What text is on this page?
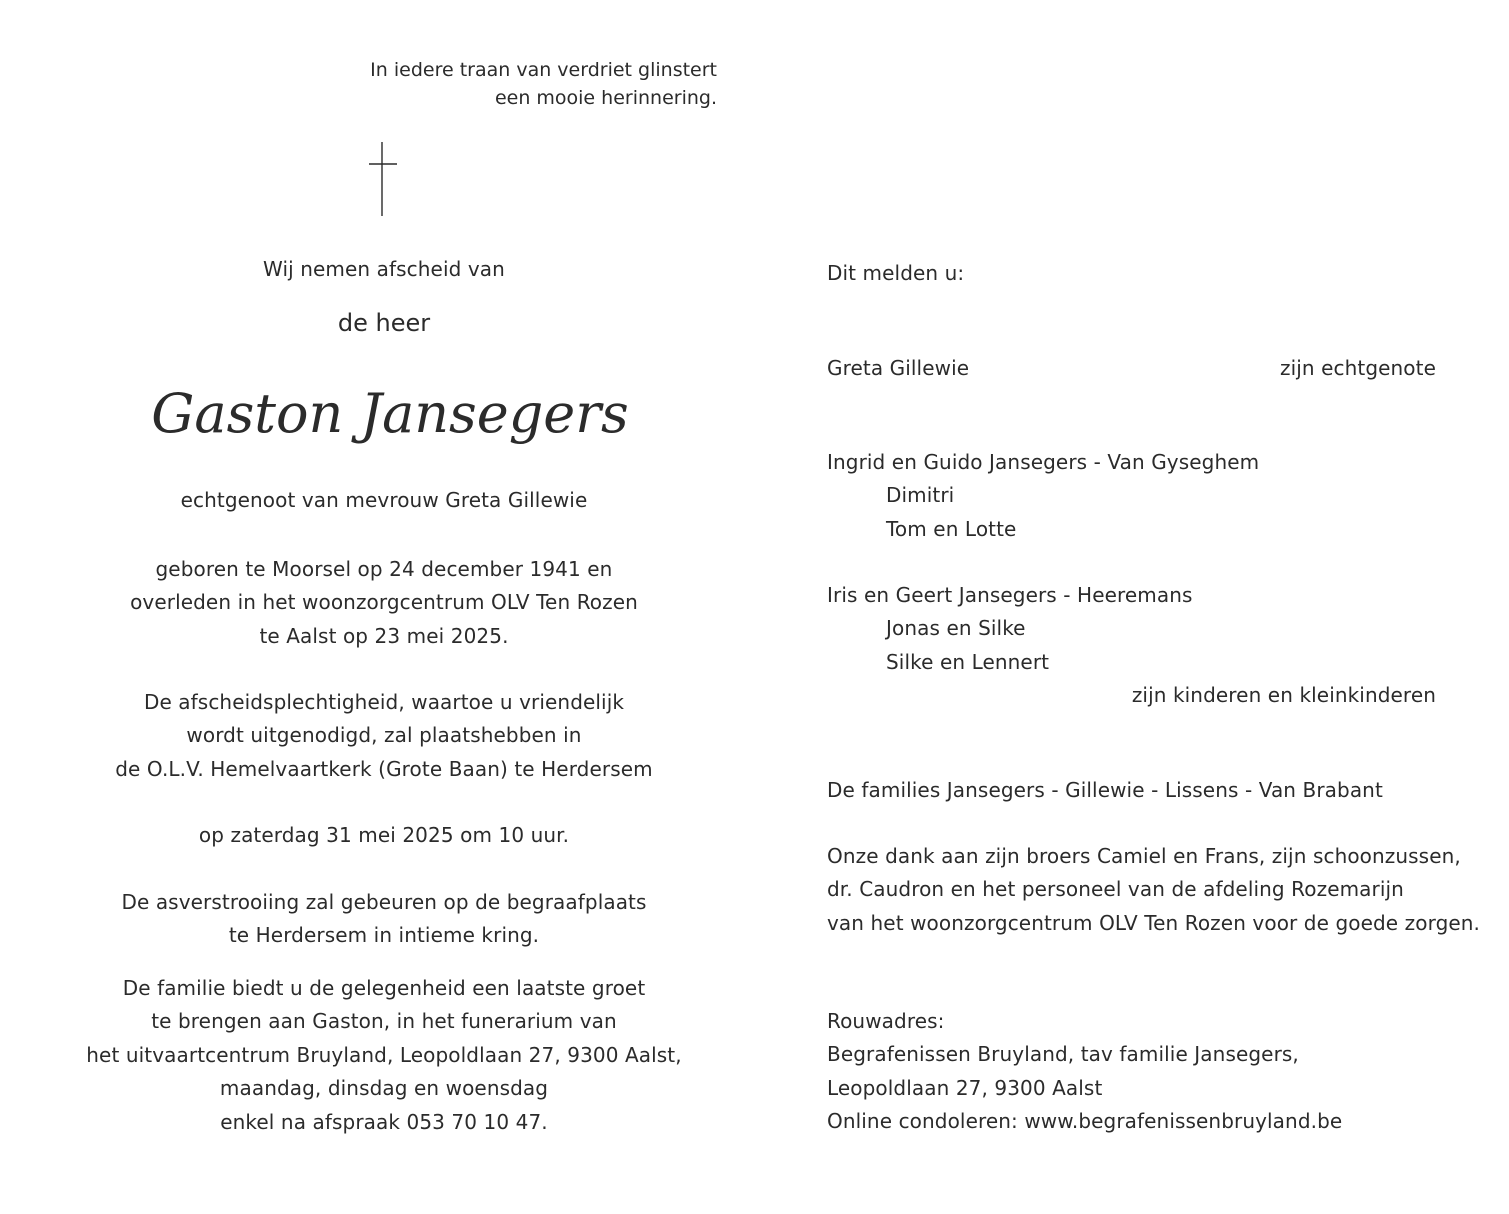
In iedere traan van verdriet glinstert
een mooie herinnering.
Wij nemen afscheid van
de heer
Gaston Jansegers
echtgenoot van mevrouw Greta Gillewie
geboren te Moorsel op 24 december 1941 en
overleden in het woonzorgcentrum OLV Ten Rozen
te Aalst op 23 mei 2025.
De afscheidsplechtigheid, waartoe u vriendelijk
wordt uitgenodigd, zal plaatshebben in
de O.L.V. Hemelvaartkerk (Grote Baan) te Herdersem
op zaterdag 31 mei 2025 om 10 uur.
De asverstrooiing zal gebeuren op de begraafplaats
te Herdersem in intieme kring.
De familie biedt u de gelegenheid een laatste groet
te brengen aan Gaston, in het funerarium van
het uitvaartcentrum Bruyland, Leopoldlaan 27, 9300 Aalst,
maandag, dinsdag en woensdag
enkel na afspraak 053 70 10 47.
Dit melden u:
Greta Gillewie	zijn echtgenote
Ingrid en Guido Jansegers - Van Gyseghem
Dimitri
Tom en Lotte
Iris en Geert Jansegers - Heeremans
Jonas en Silke
Silke en Lennert
zijn kinderen en kleinkinderen
De families Jansegers - Gillewie - Lissens - Van Brabant
Onze dank aan zijn broers Camiel en Frans, zijn schoonzussen,
dr. Caudron en het personeel van de afdeling Rozemarijn
van het woonzorgcentrum OLV Ten Rozen voor de goede zorgen.
Rouwadres:
Begrafenissen Bruyland, tav familie Jansegers,
Leopoldlaan 27, 9300 Aalst
Online condoleren: www.begrafenissenbruyland.be
